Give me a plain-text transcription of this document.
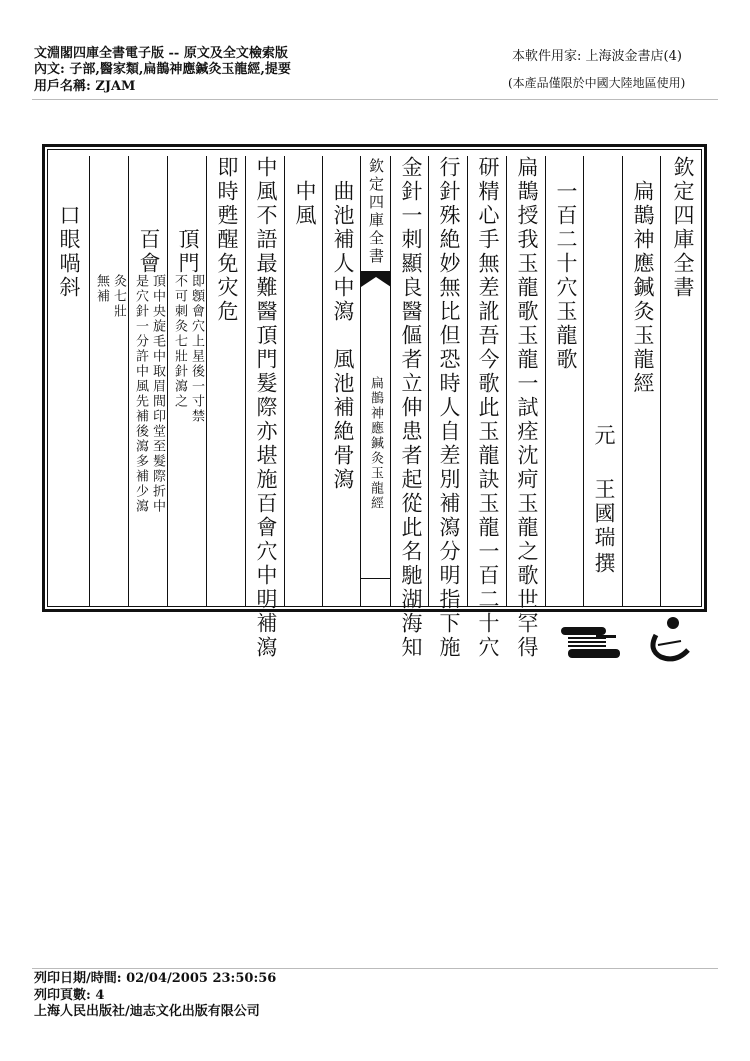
文淵閣四庫全書電子版 -- 原文及全文檢索版
內文: 子部,醫家類,扁鵲神應鍼灸玉龍經,提要
用戶名稱: ZJAM
本軟件用家: 上海波金書店(4)
(本產品僅限於中國大陸地區使用)
欽定四庫全書
扁鵲神應鍼灸玉龍經
元
王國瑞
撰
一百二十穴玉龍歌
扁鵲授我玉龍歌玉龍一試痊沈疴玉龍之歌世罕得
研精心手無差訛吾今歌此玉龍訣玉龍一百二十穴
行針殊絶妙無比但恐時人自差別補瀉分明指下施
金針一刺顯良醫傴者立伸患者起從此名馳湖海知
欽定四庫全書
扁鵲神應鍼灸玉龍經
曲池補人中瀉
風池補絶骨瀉
中風
中風不語最難醫頂門髮際亦堪施百會穴中明補瀉
即時甦醒免灾危
頂門
即顖會穴上星後一寸禁
不可刺灸七壯針瀉之
百會
頂中央旋毛中取眉間印堂至髮際折中
是穴針一分許中風先補後瀉多補少瀉
灸七壯
無補
口眼喎斜
列印日期/時間: 02/04/2005 23:50:56
列印頁數: 4
上海人民出版社/迪志文化出版有限公司
